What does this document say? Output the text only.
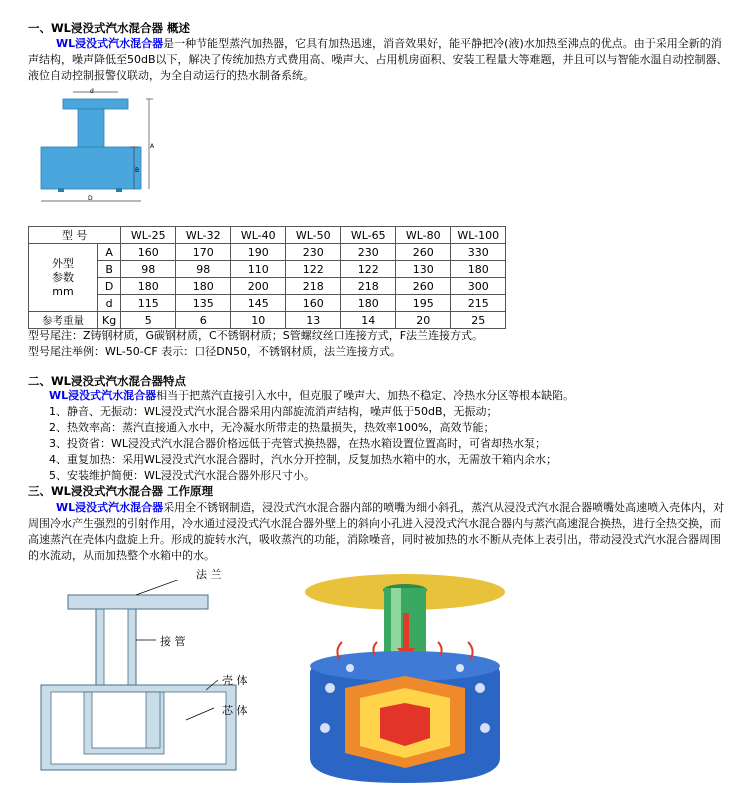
一、WL浸没式汽水混合器 概述
WL浸没式汽水混合器是一种节能型蒸汽加热器，它具有加热迅速，消音效果好，能平静把冷(液)水加热至沸点的优点。由于采用全新的消声结构，噪声降低至50dB以下，解决了传统加热方式费用高、噪声大、占用机房面积、安装工程量大等难题，并且可以与智能水温自动控制器、液位自动控制报警仪联动，为全自动运行的热水制备系统。
d
A
B
D
型 号		WL-25	WL-32	WL-40	WL-50	WL-65	WL-80	WL-100
外型
参数
mm	A	160	170	190	230	230	260	330
	B	98	98	110	122	122	130	180
	D	180	180	200	218	218	260	300
	d	115	135	145	160	180	195	215
参考重量	Kg	5	6	10	13	14	20	25
型号尾注：Z铸钢材质，G碳钢材质，C不锈钢材质；S管螺纹丝口连接方式，F法兰连接方式。
型号尾注举例：WL-50-CF 表示：口径DN50，不锈钢材质，法兰连接方式。
二、WL浸没式汽水混合器特点
WL浸没式汽水混合器相当于把蒸汽直接引入水中，但克服了噪声大、加热不稳定、冷热水分区等根本缺陷。
1、静音、无振动：WL浸没式汽水混合器采用内部旋流消声结构，噪声低于50dB，无振动；
2、热效率高：蒸汽直接通入水中，无冷凝水所带走的热量损失，热效率100%，高效节能；
3、投资省：WL浸没式汽水混合器价格远低于壳管式换热器，在热水箱设置位置高时，可省却热水泵；
4、重复加热：采用WL浸没式汽水混合器时，汽水分开控制，反复加热水箱中的水，无需放干箱内余水；
5、安装维护简便：WL浸没式汽水混合器外形尺寸小。
三、WL浸没式汽水混合器 工作原理
WL浸没式汽水混合器采用全不锈钢制造，浸没式汽水混合器内部的喷嘴为细小斜孔，蒸汽从浸没式汽水混合器喷嘴处高速喷入壳体内，对周围冷水产生强烈的引射作用，冷水通过浸没式汽水混合器外壁上的斜向小孔进入浸没式汽水混合器内与蒸汽高速混合换热，进行全热交换，而高速蒸汽在壳体内盘旋上升。形成的旋转水汽，吸收蒸汽的功能，消除噪音，同时被加热的水不断从壳体上表引出，带动浸没式汽水混合器周围的水流动，从而加热整个水箱中的水。
法 兰
接 管
壳 体
芯 体
